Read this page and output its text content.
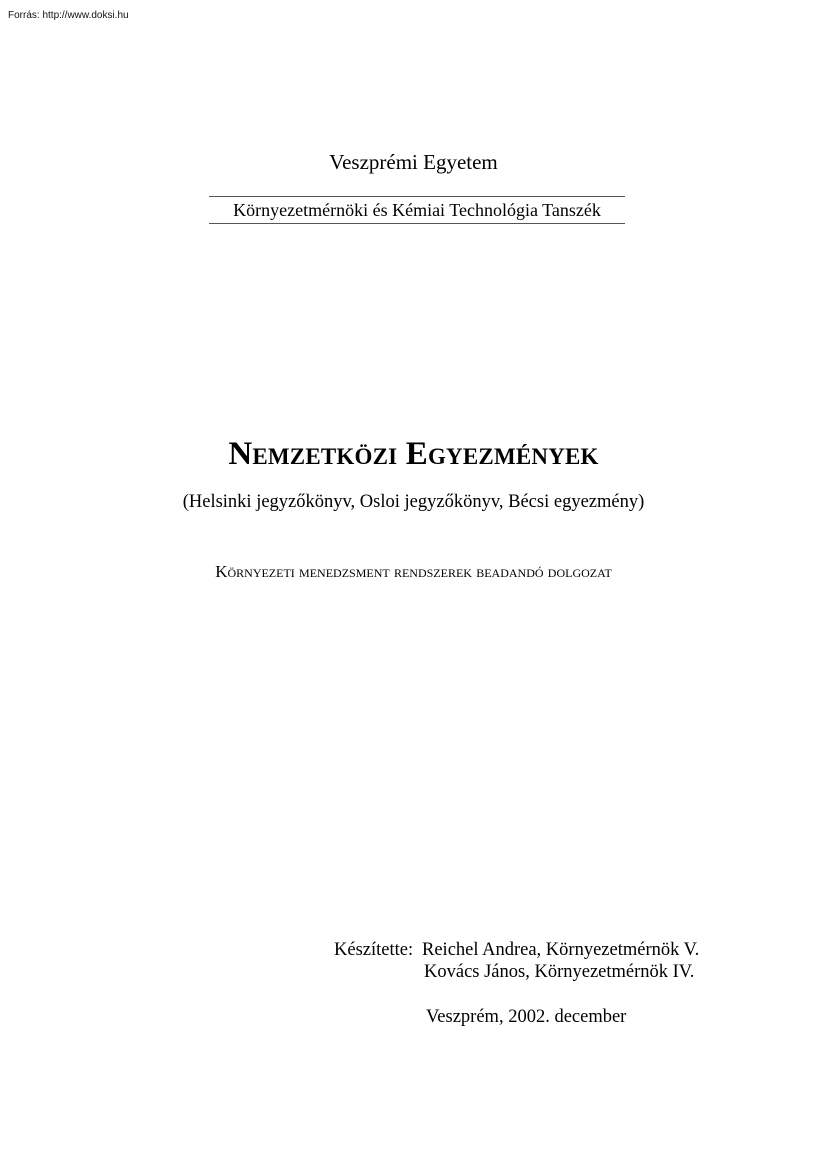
Forrás: http://www.doksi.hu
Veszprémi Egyetem
Környezetmérnöki és Kémiai Technológia Tanszék
Nemzetközi Egyezmények
(Helsinki jegyzőkönyv, Osloi jegyzőkönyv, Bécsi egyezmény)
Környezeti menedzsment rendszerek beadandó dolgozat
Készítette: Reichel Andrea, Környezetmérnök V.
Kovács János, Környezetmérnök IV.
Veszprém, 2002. december
